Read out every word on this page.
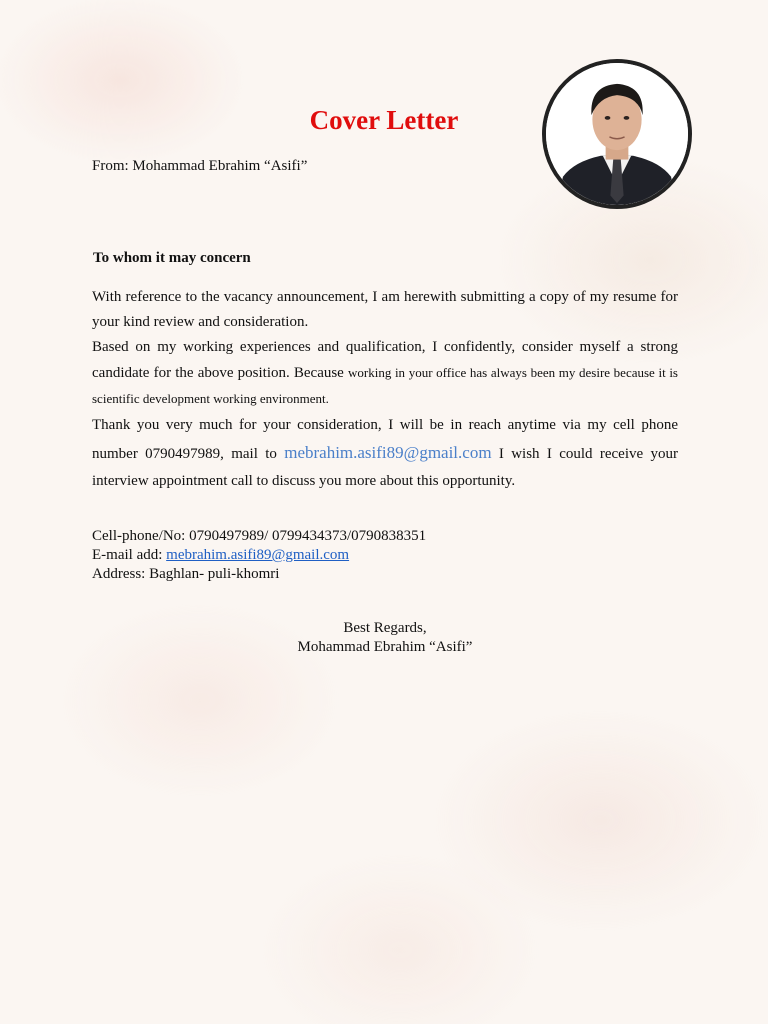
Cover Letter
From: Mohammad Ebrahim “Asifi”
To whom it may concern

With reference to the vacancy announcement, I am herewith submitting a copy of my resume for your kind review and consideration.

Based on my working experiences and qualification, I confidently, consider myself a strong candidate for the above position. Because working in your office has always been my desire because it is scientific development working environment.

Thank you very much for your consideration, I will be in reach anytime via my cell phone number 0790497989, mail to mebrahim.asifi89@gmail.com I wish I could receive your interview appointment call to discuss you more about this opportunity.

Cell-phone/No: 0790497989/ 0799434373/0790838351
E-mail add: mebrahim.asifi89@gmail.com
Address: Baghlan- puli-khomri
Best Regards,
Mohammad Ebrahim “Asifi”
